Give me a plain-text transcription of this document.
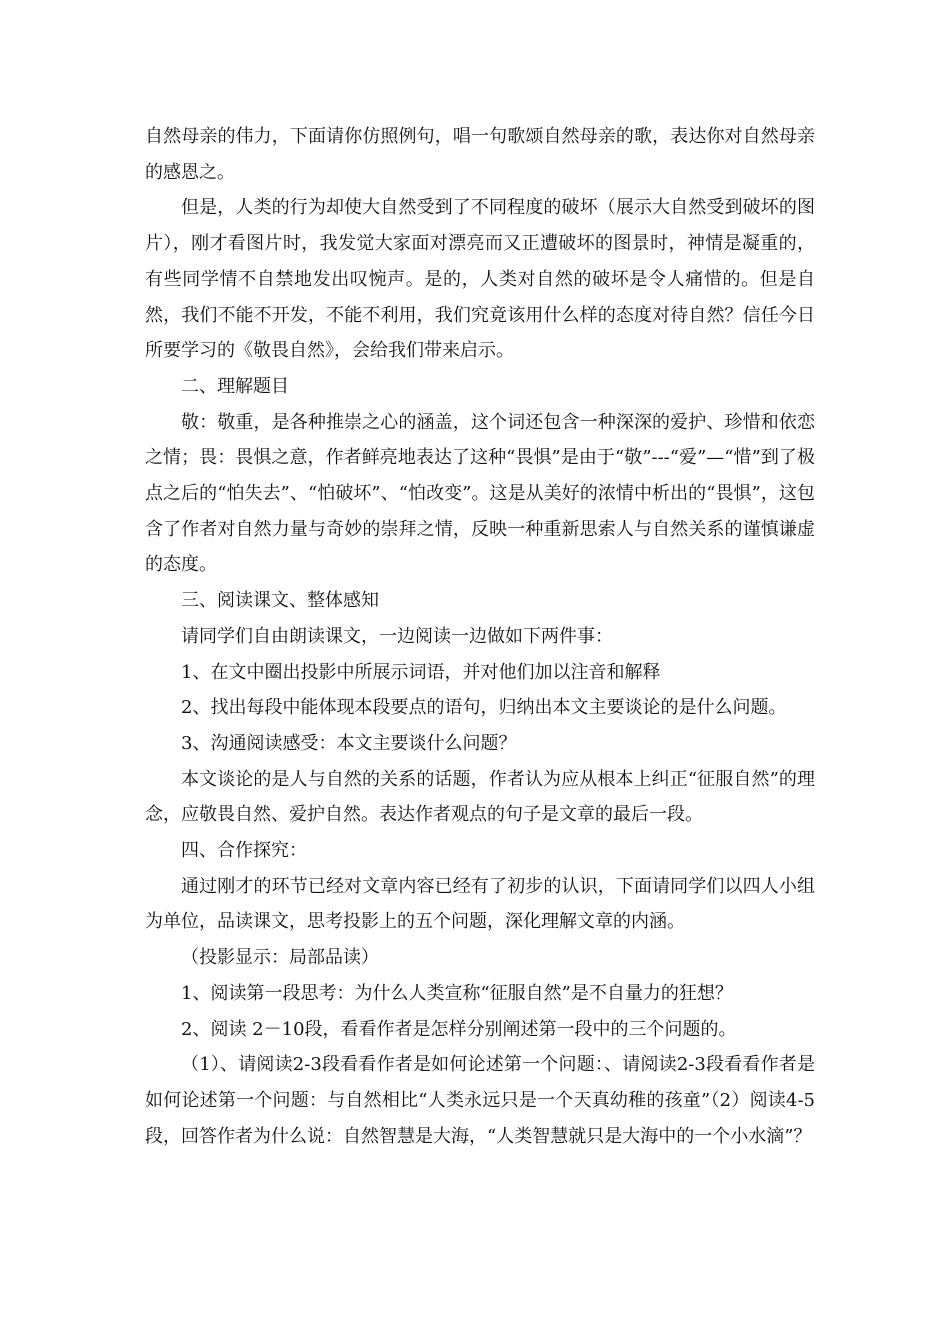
自然母亲的伟力，下面请你仿照例句，唱一句歌颂自然母亲的歌，表达你对自然母亲的感恩之。

但是，人类的行为却使大自然受到了不同程度的破坏（展示大自然受到破坏的图片），刚才看图片时，我发觉大家面对漂亮而又正遭破坏的图景时，神情是凝重的，有些同学情不自禁地发出叹惋声。是的，人类对自然的破坏是令人痛惜的。但是自然，我们不能不开发，不能不利用，我们究竟该用什么样的态度对待自然？信任今日所要学习的《敬畏自然》，会给我们带来启示。

二、理解题目

敬：敬重，是各种推崇之心的涵盖，这个词还包含一种深深的爱护、珍惜和依恋之情；畏：畏惧之意，作者鲜亮地表达了这种“畏惧”是由于“敬”---“爱”—“惜”到了极点之后的“怕失去”、“怕破坏”、“怕改变”。这是从美好的浓情中析出的“畏惧”，这包含了作者对自然力量与奇妙的崇拜之情，反映一种重新思索人与自然关系的谨慎谦虚的态度。

三、阅读课文、整体感知

请同学们自由朗读课文，一边阅读一边做如下两件事：

1、在文中圈出投影中所展示词语，并对他们加以注音和解释

2、找出每段中能体现本段要点的语句，归纳出本文主要谈论的是什么问题。

3、沟通阅读感受：本文主要谈什么问题？

本文谈论的是人与自然的关系的话题，作者认为应从根本上纠正“征服自然”的理念，应敬畏自然、爱护自然。表达作者观点的句子是文章的最后一段。

四、合作探究：

通过刚才的环节已经对文章内容已经有了初步的认识，下面请同学们以四人小组为单位，品读课文，思考投影上的五个问题，深化理解文章的内涵。

（投影显示：局部品读）

1、阅读第一段思考：为什么人类宣称“征服自然”是不自量力的狂想？

2、阅读 2－10段，看看作者是怎样分别阐述第一段中的三个问题的。

（1）、请阅读2-3段看看作者是如何论述第一个问题：、请阅读2-3段看看作者是如何论述第一个问题：与自然相比“人类永远只是一个天真幼稚的孩童”（2）阅读4-5段，回答作者为什么说：自然智慧是大海，“人类智慧就只是大海中的一个小水滴”？
